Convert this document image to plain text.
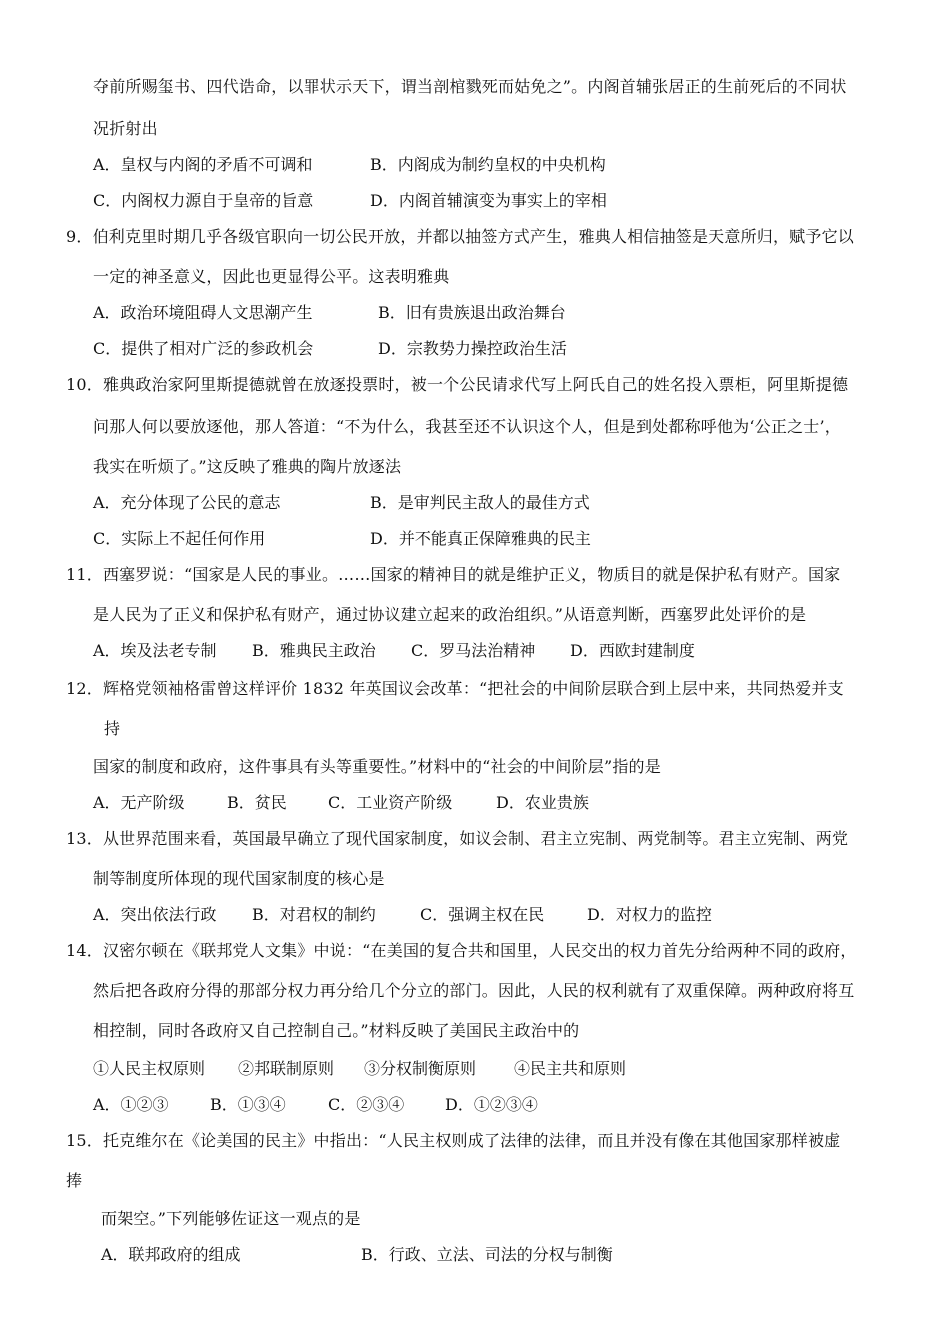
夺前所赐玺书、四代诰命，以罪状示天下，谓当剖棺戮死而姑免之”。内阁首辅张居正的生前死后的不同状
况折射出
A．皇权与内阁的矛盾不可调和	B．内阁成为制约皇权的中央机构
C．内阁权力源自于皇帝的旨意	D．内阁首辅演变为事实上的宰相
9．伯利克里时期几乎各级官职向一切公民开放，并都以抽签方式产生，雅典人相信抽签是天意所归，赋予它以
一定的神圣意义，因此也更显得公平。这表明雅典
A．政治环境阻碍人文思潮产生	B．旧有贵族退出政治舞台
C．提供了相对广泛的参政机会	D．宗教势力操控政治生活
10．雅典政治家阿里斯提德就曾在放逐投票时，被一个公民请求代写上阿氏自己的姓名投入票柜，阿里斯提德
问那人何以要放逐他，那人答道：“不为什么，我甚至还不认识这个人，但是到处都称呼他为‘公正之士’，
我实在听烦了。”这反映了雅典的陶片放逐法
A．充分体现了公民的意志	B．是审判民主敌人的最佳方式
C．实际上不起任何作用	D．并不能真正保障雅典的民主
11．西塞罗说：“国家是人民的事业。……国家的精神目的就是维护正义，物质目的就是保护私有财产。国家
是人民为了正义和保护私有财产，通过协议建立起来的政治组织。”从语意判断，西塞罗此处评价的是
A．埃及法老专制 B．雅典民主政治 C．罗马法治精神 D．西欧封建制度
12．辉格党领袖格雷曾这样评价 1832 年英国议会改革：“把社会的中间阶层联合到上层中来，共同热爱并支
持
国家的制度和政府，这件事具有头等重要性。”材料中的“社会的中间阶层”指的是
A．无产阶级	B．贫民	C．工业资产阶级	D．农业贵族
13．从世界范围来看，英国最早确立了现代国家制度，如议会制、君主立宪制、两党制等。君主立宪制、两党
制等制度所体现的现代国家制度的核心是
A．突出依法行政 B．对君权的制约	C．强调主权在民	D．对权力的监控
14．汉密尔顿在《联邦党人文集》中说：“在美国的复合共和国里，人民交出的权力首先分给两种不同的政府，
然后把各政府分得的那部分权力再分给几个分立的部门。因此，人民的权利就有了双重保障。两种政府将互
相控制，同时各政府又自己控制自己。”材料反映了美国民主政治中的
①人民主权原则 ②邦联制原则 ③分权制衡原则 ④民主共和原则
A．①②③	B．①③④	C．②③④	D．①②③④
15．托克维尔在《论美国的民主》中指出：“人民主权则成了法律的法律，而且并没有像在其他国家那样被虚
捧
而架空。”下列能够佐证这一观点的是
A．联邦政府的组成	B．行政、立法、司法的分权与制衡
